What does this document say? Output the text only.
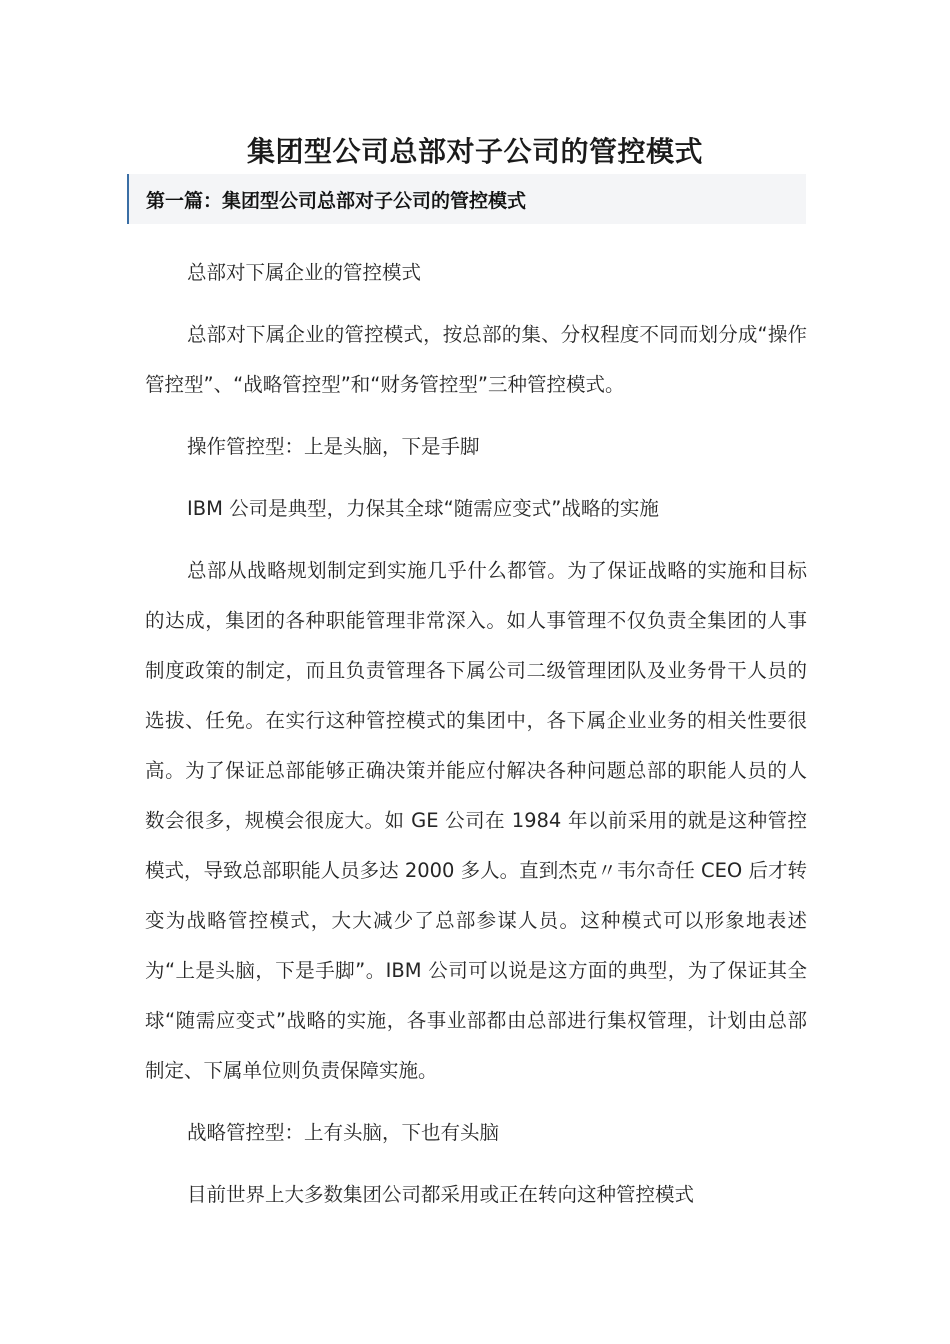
集团型公司总部对子公司的管控模式
第一篇：集团型公司总部对子公司的管控模式

总部对下属企业的管控模式

总部对下属企业的管控模式，按总部的集、分权程度不同而划分成“操作管控型”、“战略管控型”和“财务管控型”三种管控模式。

操作管控型：上是头脑，下是手脚

IBM 公司是典型，力保其全球“随需应变式”战略的实施

总部从战略规划制定到实施几乎什么都管。为了保证战略的实施和目标的达成，集团的各种职能管理非常深入。如人事管理不仅负责全集团的人事制度政策的制定，而且负责管理各下属公司二级管理团队及业务骨干人员的选拔、任免。在实行这种管控模式的集团中，各下属企业业务的相关性要很高。为了保证总部能够正确决策并能应付解决各种问题总部的职能人员的人数会很多，规模会很庞大。如 GE 公司在 1984 年以前采用的就是这种管控模式，导致总部职能人员多达 2000 多人。直到杰克〃韦尔奇任 CEO 后才转变为战略管控模式，大大减少了总部参谋人员。这种模式可以形象地表述为“上是头脑，下是手脚”。IBM 公司可以说是这方面的典型，为了保证其全球“随需应变式”战略的实施，各事业部都由总部进行集权管理，计划由总部制定、下属单位则负责保障实施。

战略管控型：上有头脑，下也有头脑

目前世界上大多数集团公司都采用或正在转向这种管控模式
